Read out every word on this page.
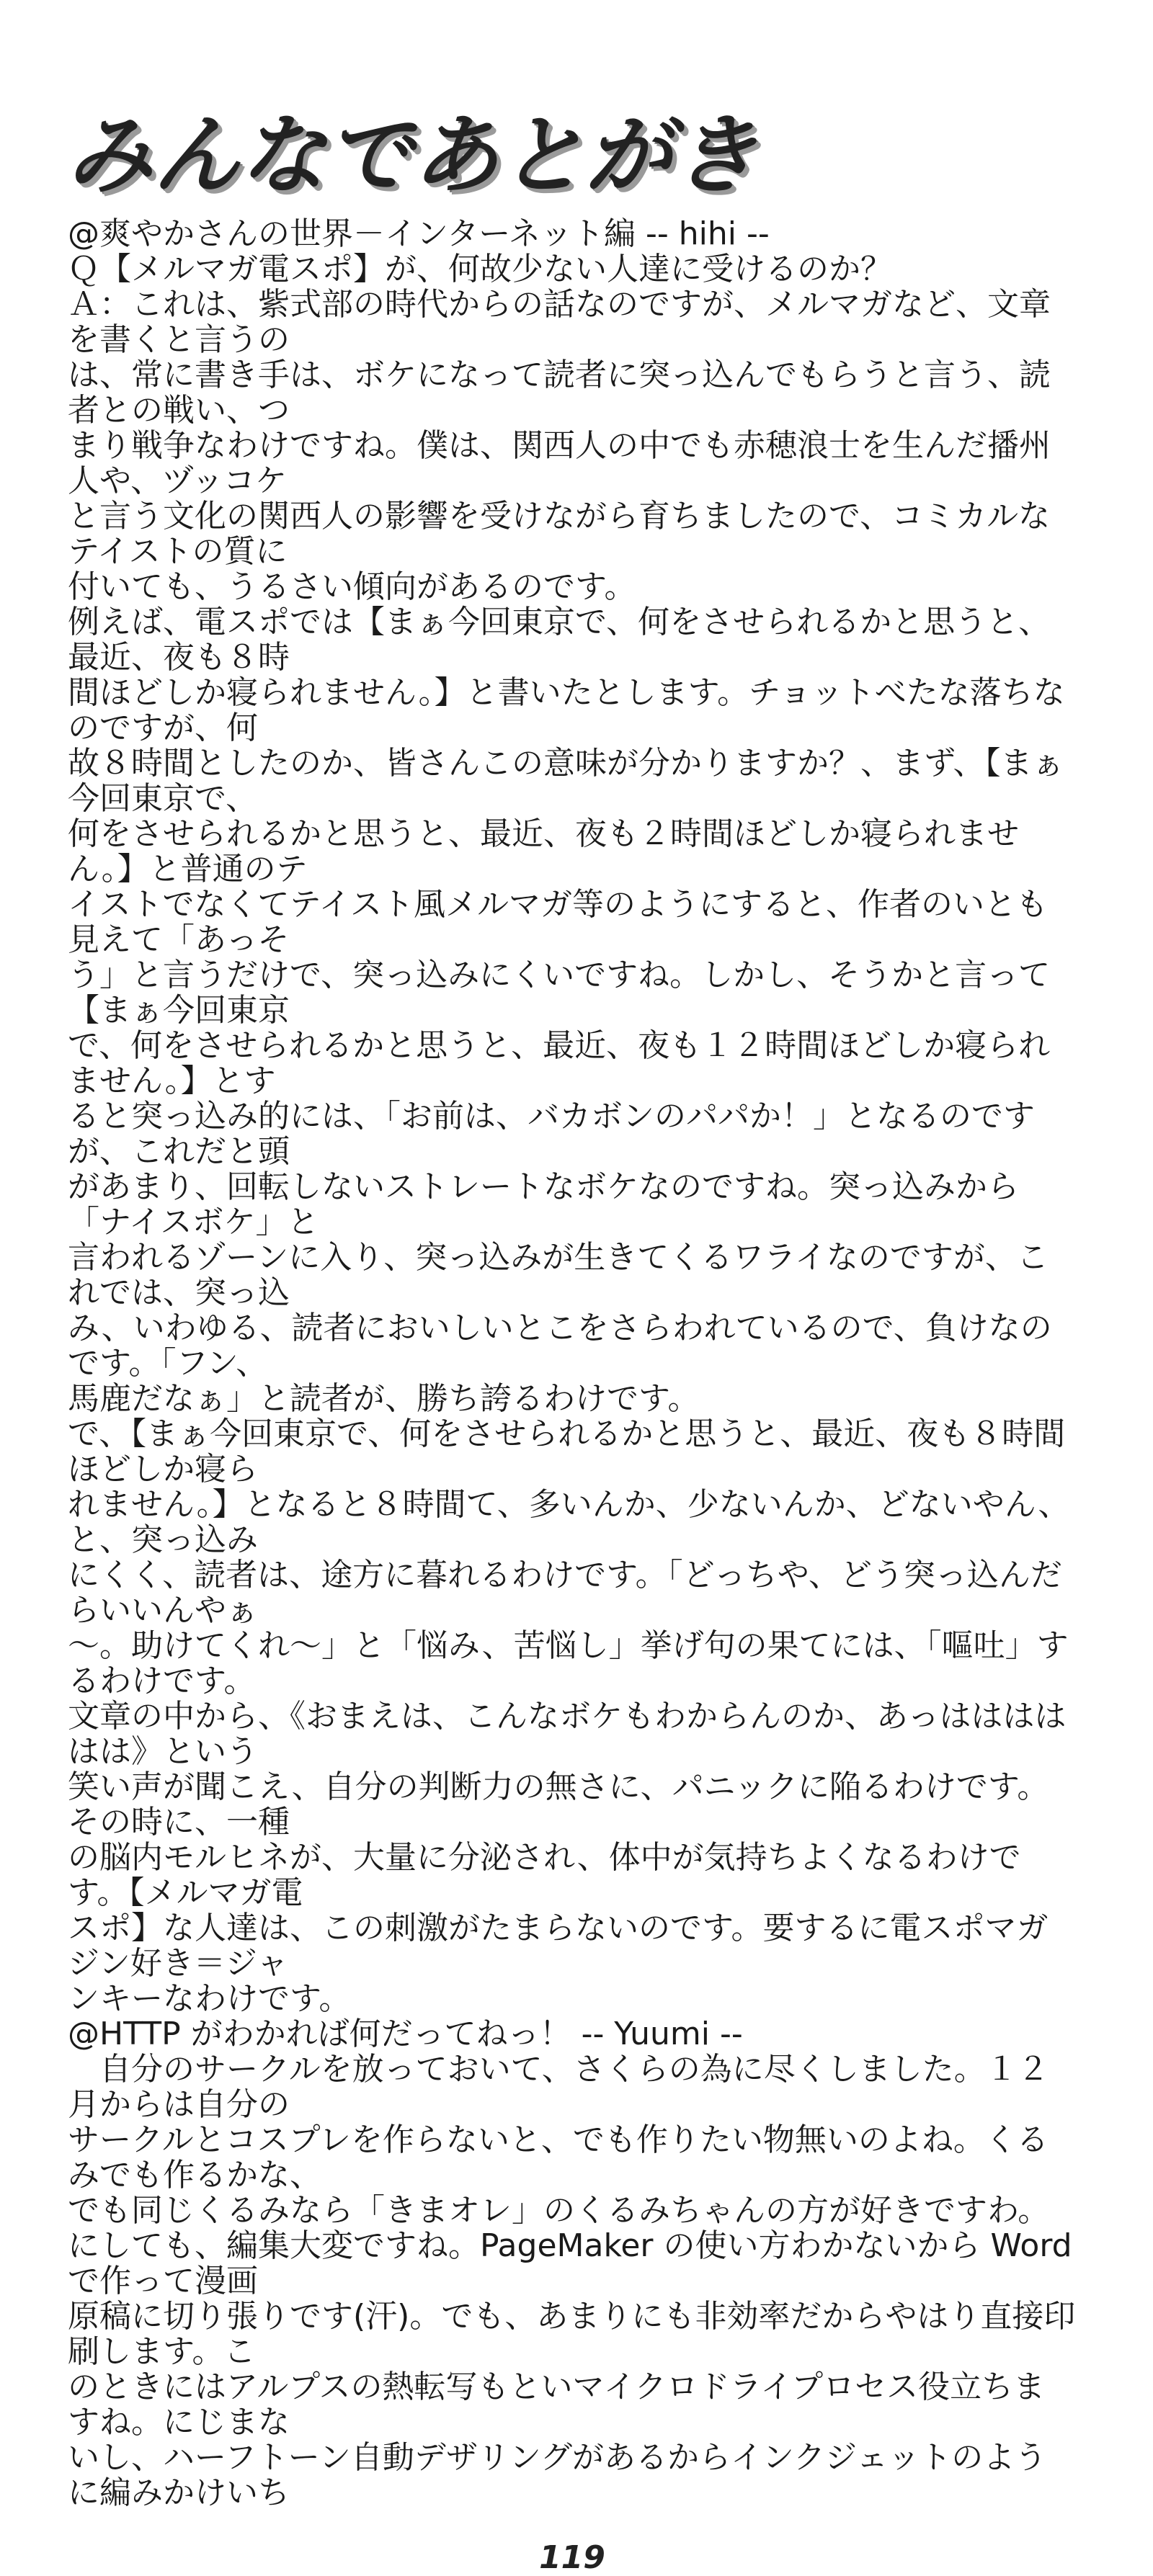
みんなであとがき
@爽やかさんの世界－インターネット編 -- hihi --
Ｑ【メルマガ電スポ】が、何故少ない人達に受けるのか？
Ａ：これは、紫式部の時代からの話なのですが、メルマガなど、文章を書くと言うの
は、常に書き手は、ボケになって読者に突っ込んでもらうと言う、読者との戦い、つ
まり戦争なわけですね。僕は、関西人の中でも赤穂浪士を生んだ播州人や、ヅッコケ
と言う文化の関西人の影響を受けながら育ちましたので、コミカルなテイストの質に
付いても、うるさい傾向があるのです。
例えば、電スポでは【まぁ今回東京で、何をさせられるかと思うと、最近、夜も８時
間ほどしか寝られません。】と書いたとします。チョットべたな落ちなのですが、何
故８時間としたのか、皆さんこの意味が分かりますか？、まず、【まぁ今回東京で、
何をさせられるかと思うと、最近、夜も２時間ほどしか寝られません。】と普通のテ
イストでなくてテイスト風メルマガ等のようにすると、作者のいとも見えて「あっそ
う」と言うだけで、突っ込みにくいですね。しかし、そうかと言って【まぁ今回東京
で、何をさせられるかと思うと、最近、夜も１２時間ほどしか寝られません。】とす
ると突っ込み的には、「お前は、バカボンのパパか！」となるのですが、これだと頭
があまり、回転しないストレートなボケなのですね。突っ込みから「ナイスボケ」と
言われるゾーンに入り、突っ込みが生きてくるワライなのですが、これでは、突っ込
み、いわゆる、読者においしいとこをさらわれているので、負けなのです。「フン、
馬鹿だなぁ」と読者が、勝ち誇るわけです。
で、【まぁ今回東京で、何をさせられるかと思うと、最近、夜も８時間ほどしか寝ら
れません。】となると８時間て、多いんか、少ないんか、どないやん、と、突っ込み
にくく、読者は、途方に暮れるわけです。「どっちや、どう突っ込んだらいいんやぁ
～。助けてくれ～」と「悩み、苦悩し」挙げ句の果てには、「嘔吐」するわけです。
文章の中から、《おまえは、こんなボケもわからんのか、あっはははははは》という
笑い声が聞こえ、自分の判断力の無さに、パニックに陥るわけです。その時に、一種
の脳内モルヒネが、大量に分泌され、体中が気持ちよくなるわけです。【メルマガ電
スポ】な人達は、この刺激がたまらないのです。要するに電スポマガジン好き＝ジャ
ンキーなわけです。
@HTTP がわかれば何だってねっ！ -- Yuumi --
　自分のサークルを放っておいて、さくらの為に尽くしました。１２月からは自分の
サークルとコスプレを作らないと、でも作りたい物無いのよね。くるみでも作るかな、
でも同じくるみなら「きまオレ」のくるみちゃんの方が好きですわ。
にしても、編集大変ですね。PageMaker の使い方わかないから Word で作って漫画
原稿に切り張りです(汗)。でも、あまりにも非効率だからやはり直接印刷します。こ
のときにはアルプスの熱転写もといマイクロドライプロセス役立ちますね。にじまな
いし、ハーフトーン自動デザリングがあるからインクジェットのように編みかけいち
119
